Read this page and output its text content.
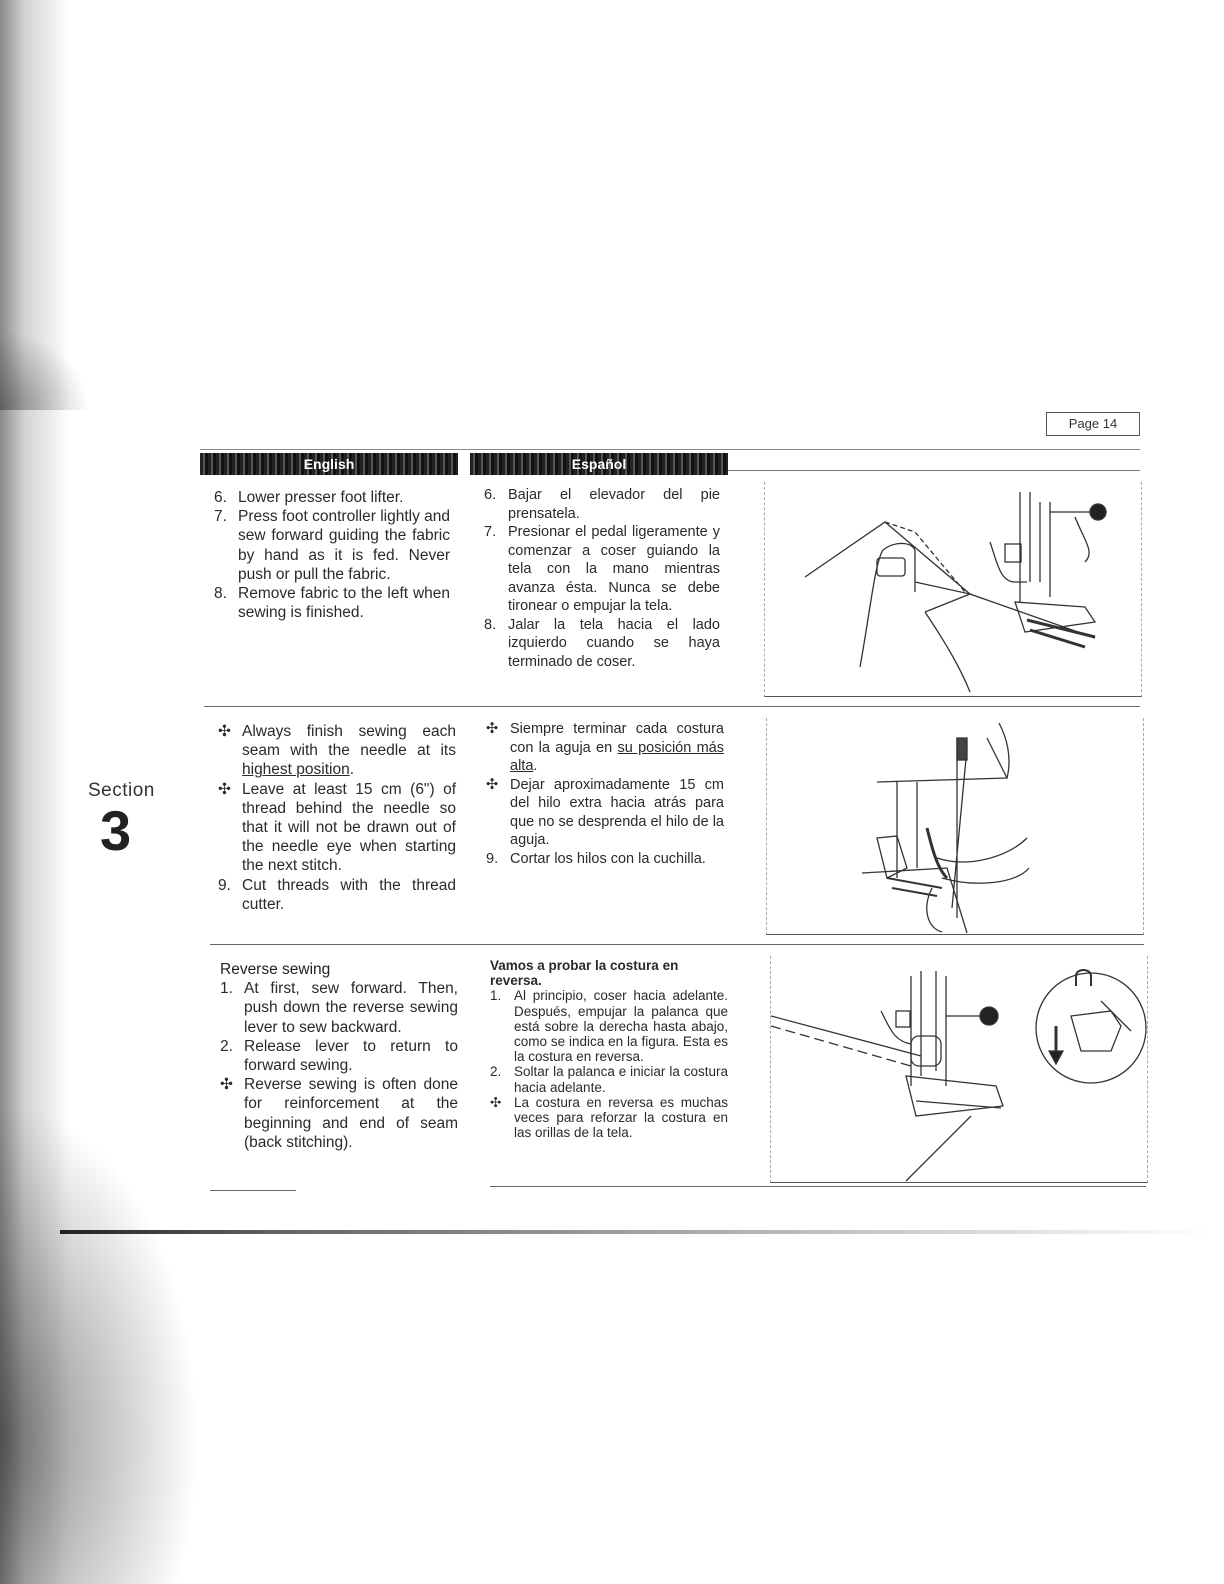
Page 14
English	Español
Section
3
6. Lower presser foot lifter.
7. Press foot controller lightly and sew forward guiding the fabric by hand as it is fed. Never push or pull the fabric.
8. Remove fabric to the left when sewing is finished.
6. Bajar el elevador del pie prensatela.
7. Presionar el pedal ligeramente y comenzar a coser guiando la tela con la mano mientras avanza ésta. Nunca se debe tironear o empujar la tela.
8. Jalar la tela hacia el lado izquierdo cuando se haya terminado de coser.
✣ Always finish sewing each seam with the needle at its highest position.
✣ Leave at least 15 cm (6") of thread behind the needle so that it will not be drawn out of the needle eye when starting the next stitch.
9. Cut threads with the thread cutter.
✣ Siempre terminar cada costura con la aguja en su posición más alta.
✣ Dejar aproximadamente 15 cm del hilo extra hacia atrás para que no se desprenda el hilo de la aguja.
9. Cortar los hilos con la cuchilla.
Reverse sewing
1. At first, sew forward. Then, push down the reverse sewing lever to sew backward.
2. Release lever to return to forward sewing.
✣ Reverse sewing is often done for reinforcement at the beginning and end of seam (back stitching).
Vamos a probar la costura en reversa.
1. Al principio, coser hacia adelante. Después, empujar la palanca que está sobre la derecha hasta abajo, como se indica en la figura. Esta es la costura en reversa.
2. Soltar la palanca e iniciar la costura hacia adelante.
✣ La costura en reversa es muchas veces para reforzar la costura en las orillas de la tela.
